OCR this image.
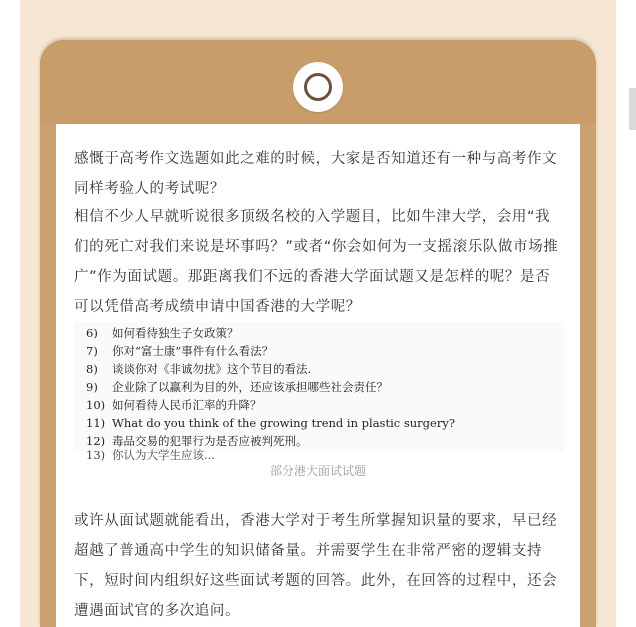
感慨于高考作文选题如此之难的时候，大家是否知道还有一种与高考作文同样考验人的考试呢？

相信不少人早就听说很多顶级名校的入学题目，比如牛津大学，会用“我们的死亡对我们来说是坏事吗？”或者“你会如何为一支摇滚乐队做市场推广”作为面试题。那距离我们不远的香港大学面试题又是怎样的呢？是否可以凭借高考成绩申请中国香港的大学呢？

6) 如何看待独生子女政策？
7) 你对“富士康”事件有什么看法？
8) 谈谈你对《非诚勿扰》这个节目的看法.
9) 企业除了以赢利为目的外，还应该承担哪些社会责任？
10) 如何看待人民币汇率的升降？
11) What do you think of the growing trend in plastic surgery?
12) 毒品交易的犯罪行为是否应被判死刑。
13) 你认为大学生应该...
部分港大面试试题

或许从面试题就能看出，香港大学对于考生所掌握知识量的要求，早已经超越了普通高中学生的知识储备量。并需要学生在非常严密的逻辑支持下，短时间内组织好这些面试考题的回答。此外，在回答的过程中，还会遭遇面试官的多次追问。
